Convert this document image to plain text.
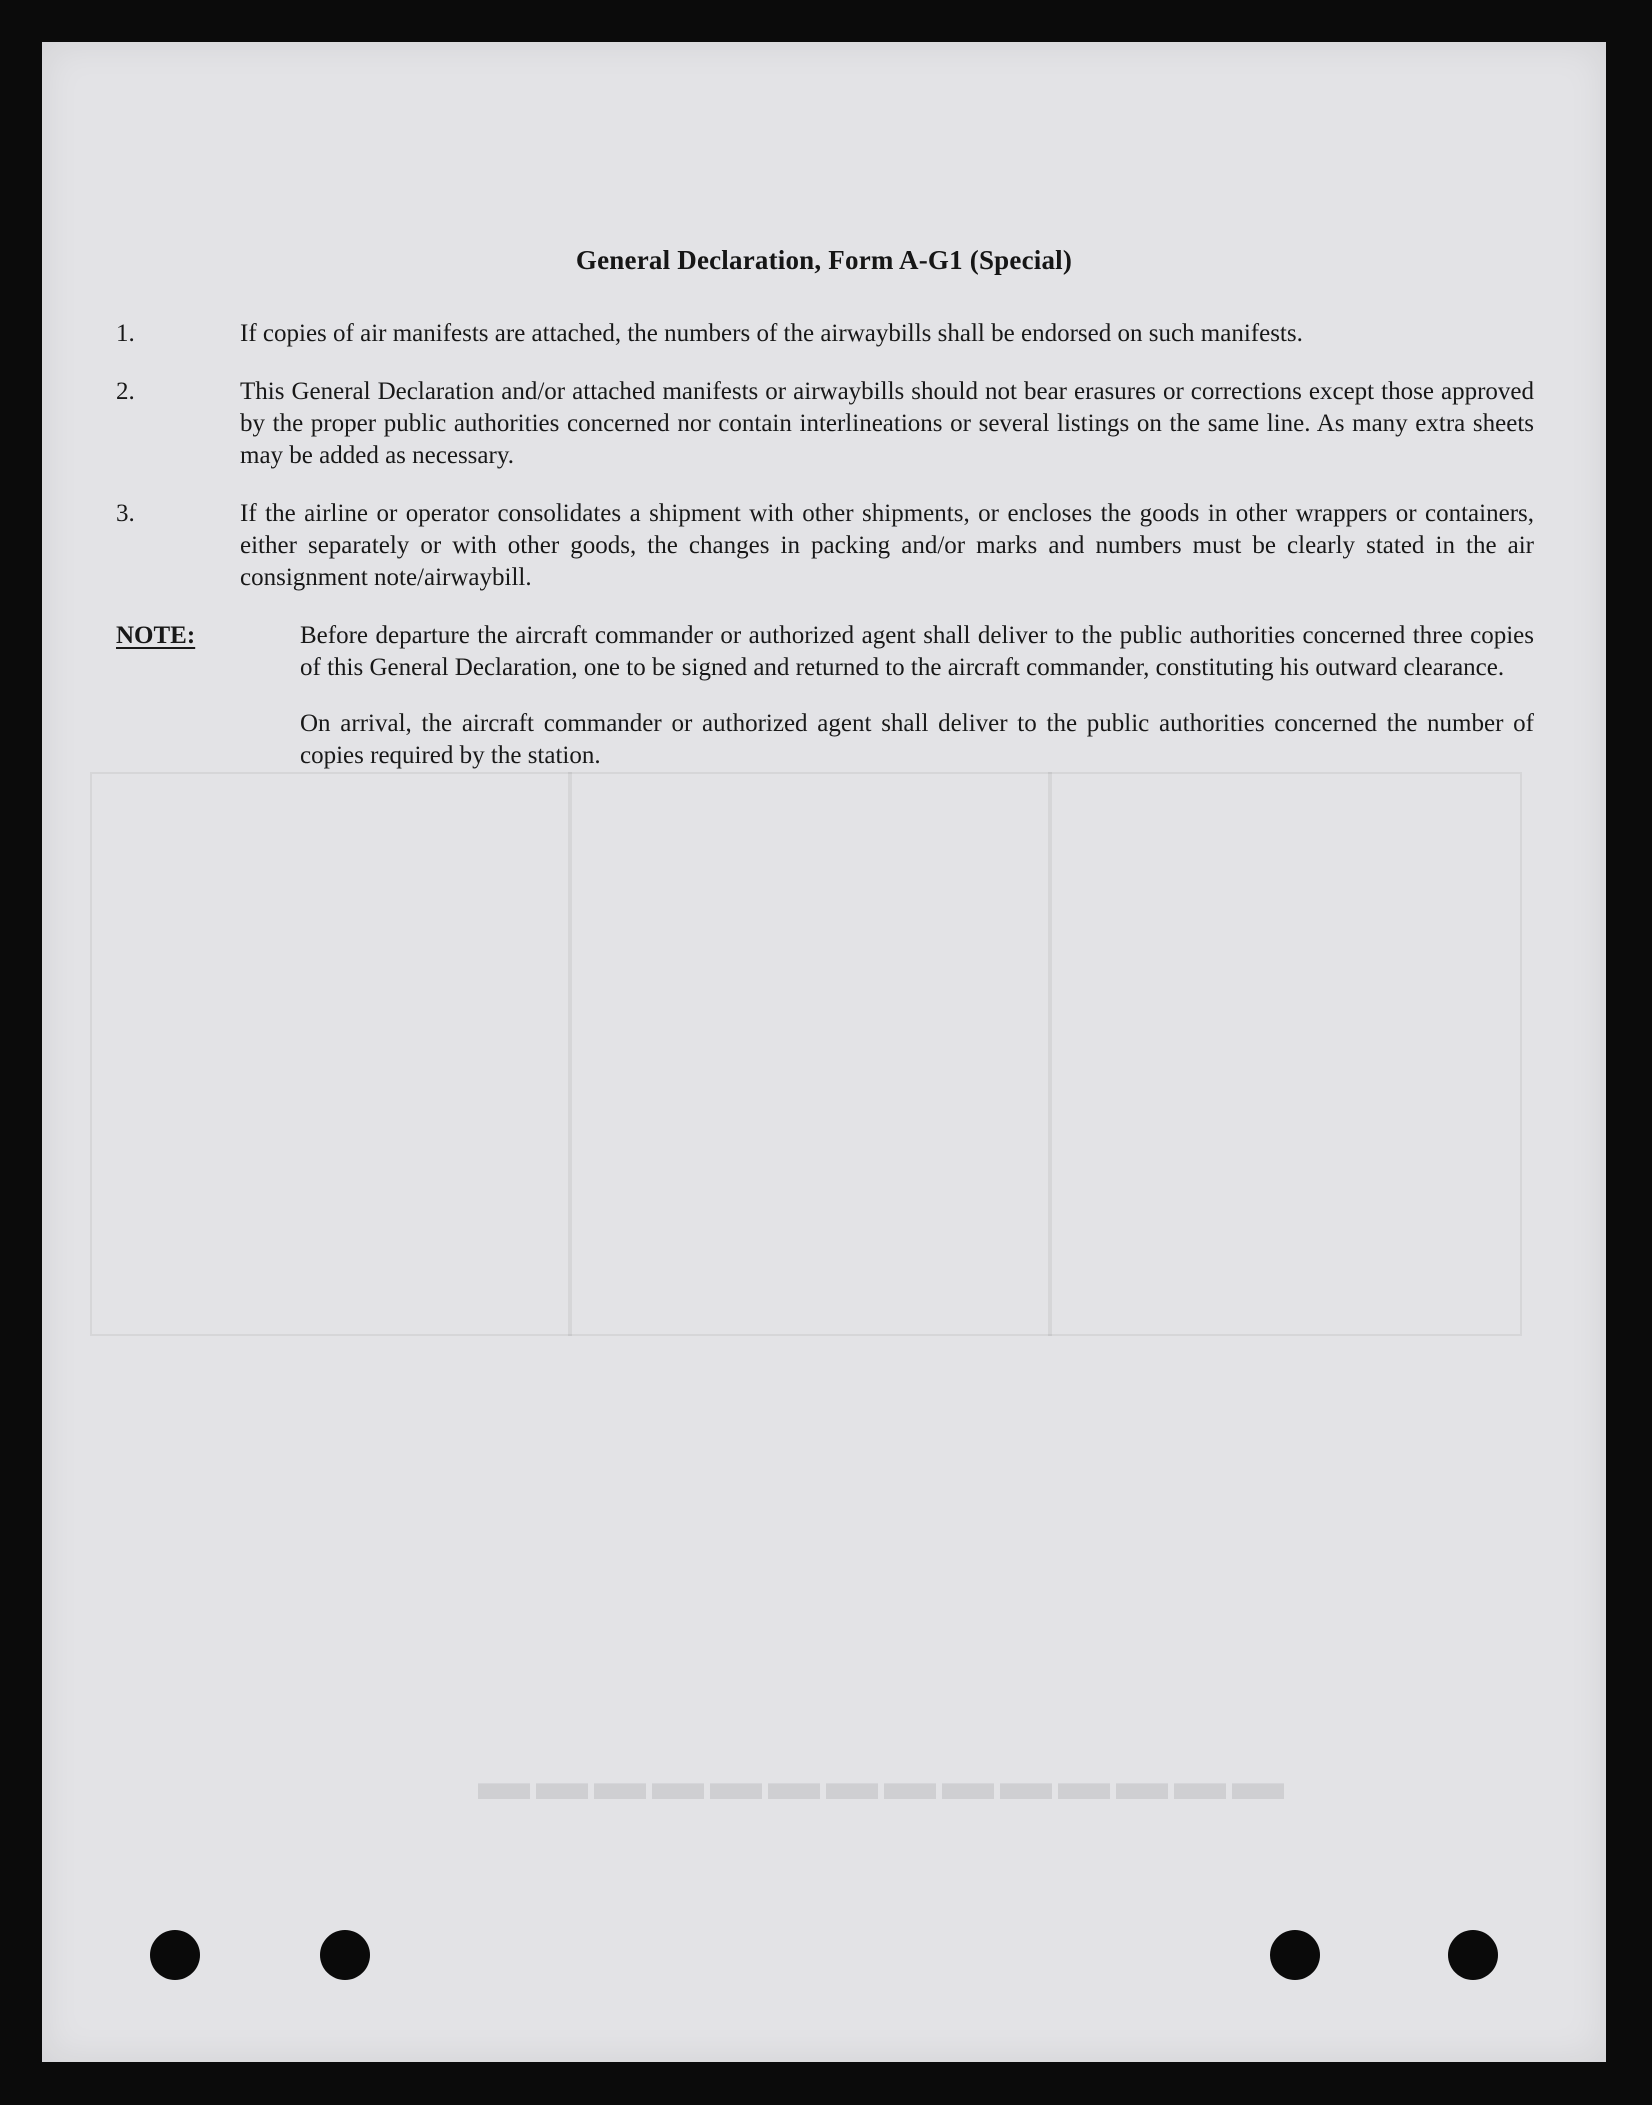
▬▬▬▬▬▬▬▬▬▬▬▬▬▬
General Declaration, Form A-G1 (Special)
1.	If copies of air manifests are attached, the numbers of the airwaybills shall be endorsed on such manifests.
2.	This General Declaration and/or attached manifests or airwaybills should not bear erasures or corrections except those approved by the proper public authorities concerned nor contain interlineations or several listings on the same line. As many extra sheets may be added as necessary.
3.	If the airline or operator consolidates a shipment with other shipments, or encloses the goods in other wrappers or containers, either separately or with other goods, the changes in packing and/or marks and numbers must be clearly stated in the air consignment note/airwaybill.
NOTE:	Before departure the aircraft commander or authorized agent shall deliver to the public authorities concerned three copies of this General Declaration, one to be signed and returned to the aircraft commander, constituting his outward clearance.
On arrival, the aircraft commander or authorized agent shall deliver to the public authorities concerned the number of copies required by the station.
